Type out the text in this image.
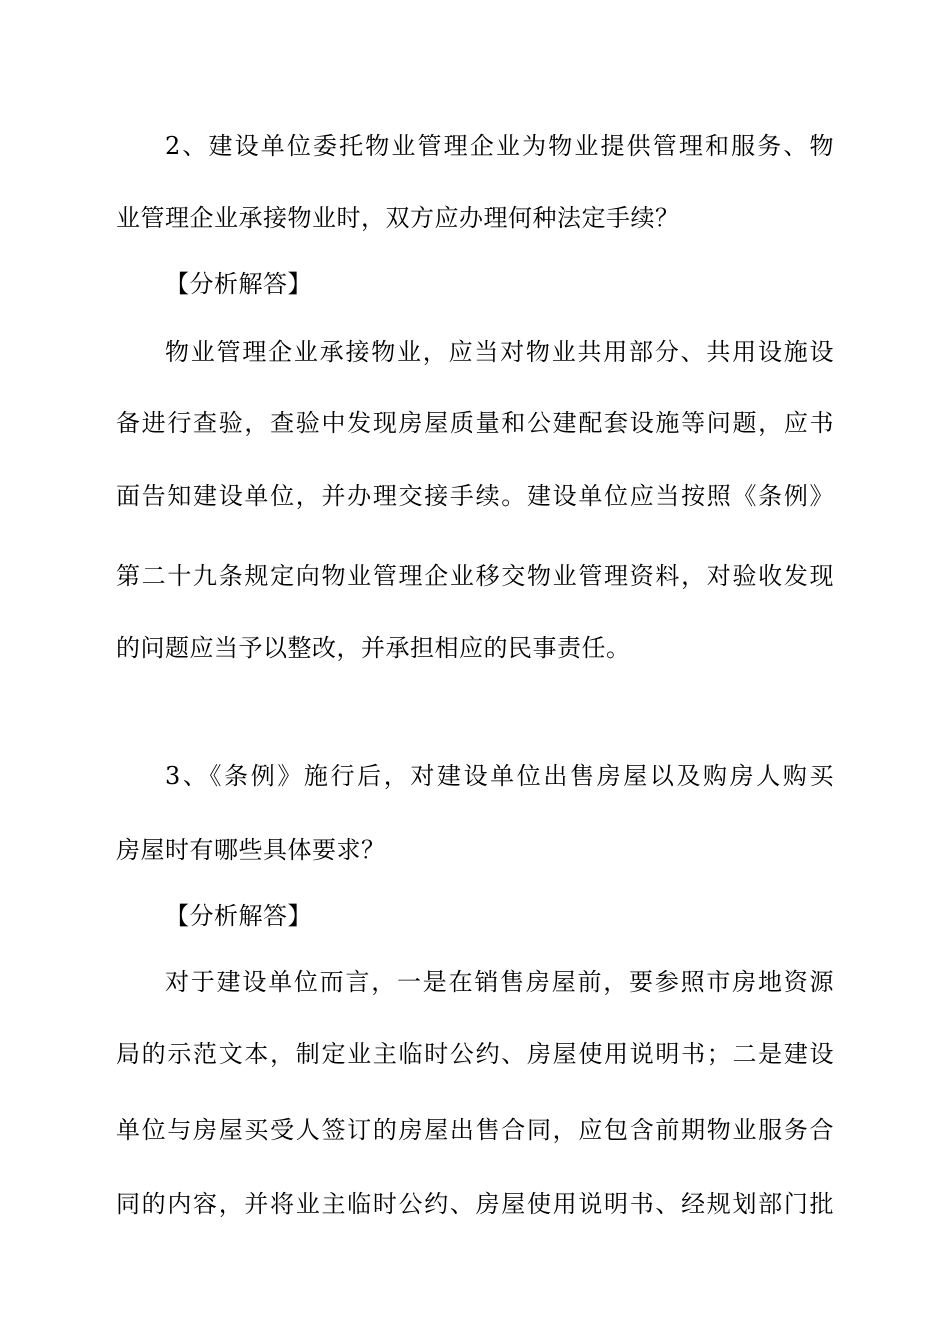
2、建设单位委托物业管理企业为物业提供管理和服务、物
业管理企业承接物业时，双方应办理何种法定手续？
【分析解答】
物业管理企业承接物业，应当对物业共用部分、共用设施设
备进行查验，查验中发现房屋质量和公建配套设施等问题，应书
面告知建设单位，并办理交接手续。建设单位应当按照《条例》
第二十九条规定向物业管理企业移交物业管理资料，对验收发现
的问题应当予以整改，并承担相应的民事责任。
3、《条例》施行后，对建设单位出售房屋以及购房人购买
房屋时有哪些具体要求？
【分析解答】
对于建设单位而言，一是在销售房屋前，要参照市房地资源
局的示范文本，制定业主临时公约、房屋使用说明书；二是建设
单位与房屋买受人签订的房屋出售合同，应包含前期物业服务合
同的内容，并将业主临时公约、房屋使用说明书、经规划部门批
